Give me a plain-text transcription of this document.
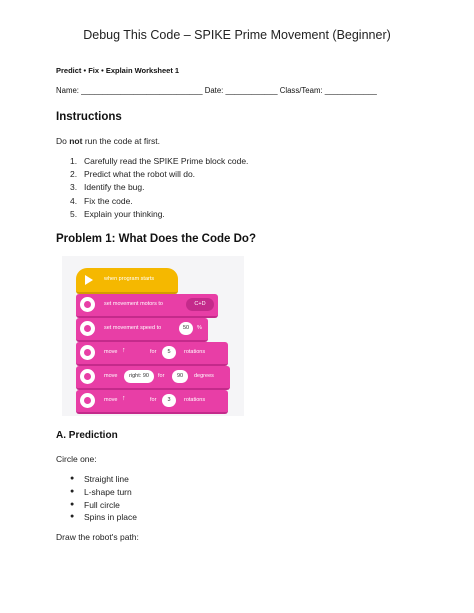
Debug This Code – SPIKE Prime Movement (Beginner)
Predict • Fix • Explain Worksheet 1
Name: ____________________________ Date: ____________ Class/Team: ____________
Instructions
Do not run the code at first.
1. Carefully read the SPIKE Prime block code.
2. Predict what the robot will do.
3. Identify the bug.
4. Fix the code.
5. Explain your thinking.
Problem 1: What Does the Code Do?
when program starts
set movement motors to	C+D
set movement speed to	50	%
move ↑	for	5	rotations
move	right: 90	for	90	degrees
move ↑	for	3	rotations
A. Prediction
Circle one:
●	Straight line
●	L-shape turn
●	Full circle
●	Spins in place
Draw the robot's path:
